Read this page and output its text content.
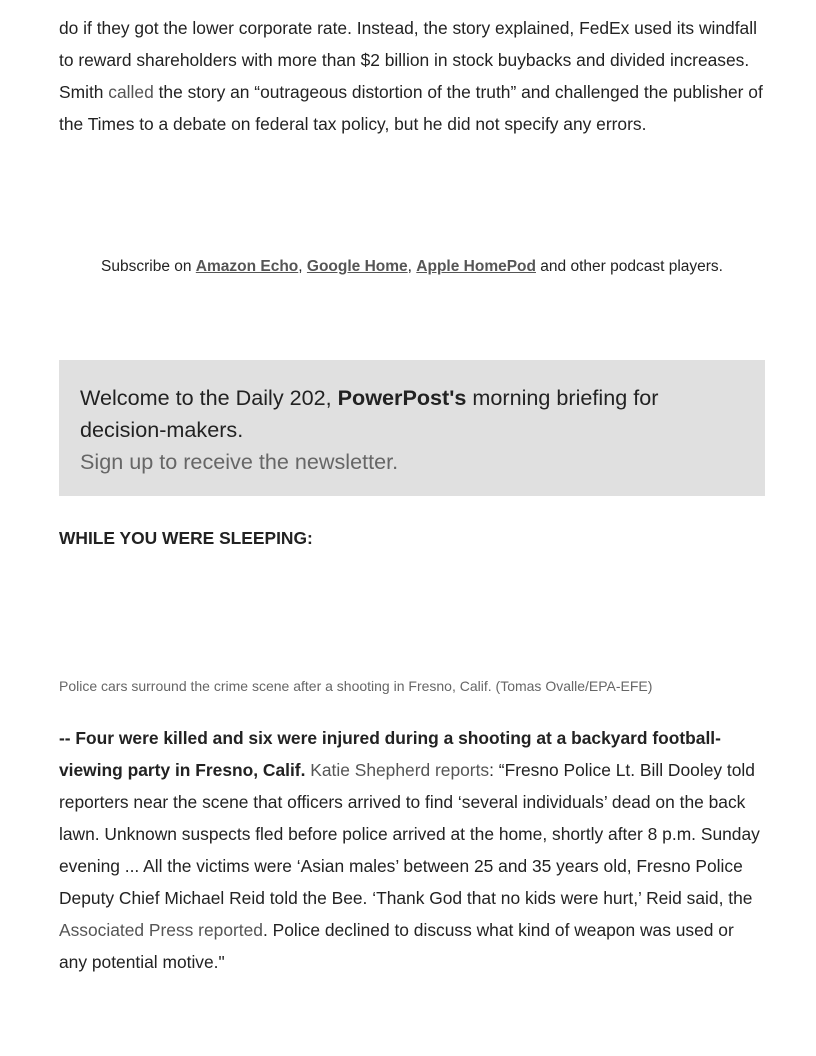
do if they got the lower corporate rate. Instead, the story explained, FedEx used its windfall to reward shareholders with more than $2 billion in stock buybacks and divided increases. Smith called the story an “outrageous distortion of the truth” and challenged the publisher of the Times to a debate on federal tax policy, but he did not specify any errors.

Subscribe on Amazon Echo, Google Home, Apple HomePod and other podcast players.

Welcome to the Daily 202, PowerPost's morning briefing for decision-makers.

Sign up to receive the newsletter.

WHILE YOU WERE SLEEPING:

Police cars surround the crime scene after a shooting in Fresno, Calif. (Tomas Ovalle/EPA-EFE)

-- Four were killed and six were injured during a shooting at a backyard football-viewing party in Fresno, Calif. Katie Shepherd reports: “Fresno Police Lt. Bill Dooley told reporters near the scene that officers arrived to find ‘several individuals’ dead on the back lawn. Unknown suspects fled before police arrived at the home, shortly after 8 p.m. Sunday evening ... All the victims were ‘Asian males’ between 25 and 35 years old, Fresno Police Deputy Chief Michael Reid told the Bee. ‘Thank God that no kids were hurt,’ Reid said, the Associated Press reported. Police declined to discuss what kind of weapon was used or any potential motive."
